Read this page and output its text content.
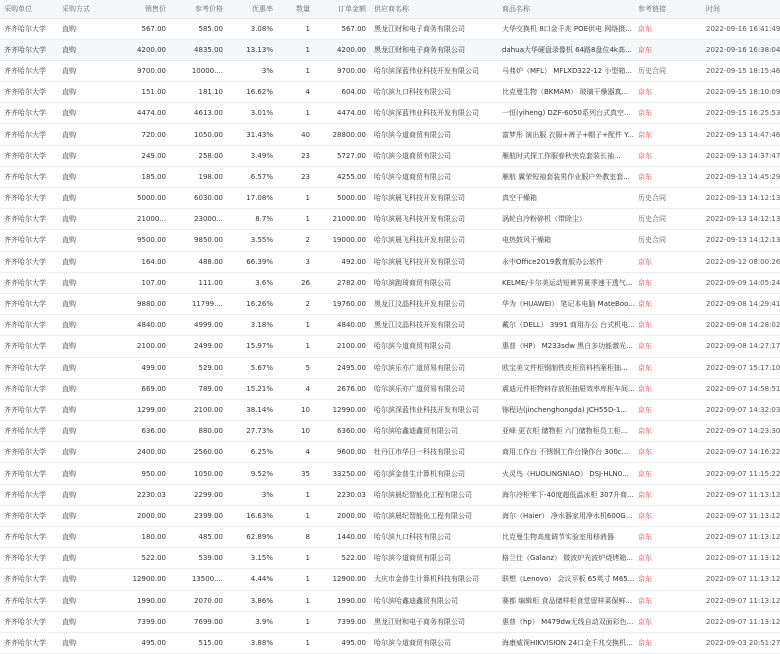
采购单位	采购方式	销售价	参考价格	优惠率	数量	订单金额	供应商名称	商品名称	参考链接	时间
齐齐哈尔大学	直购	567.00	585.00	3.08%	1	567.00	黑龙江财和电子商务有限公司	大华交换机 8口金千兆 POE供电 网络摄...	京东	2022-09-16 16:41:49
齐齐哈尔大学	直购	4200.00	4835.00	13.13%	1	4200.00	黑龙江财和电子商务有限公司	dahua大华硬盘录像机 64路8盘位4k高...	京东	2022-09-16 16:38:04
齐齐哈尔大学	直购	9700.00	10000....	3%	1	9700.00	哈尔滨深蓝伟业科技开发有限公司	马弗炉（MFL） MFLXD322-12 小型箱...	历史合同	2022-09-15 18:15:46
齐齐哈尔大学	直购	151.00	181.10	16.62%	4	604.00	哈尔滨九口科技有限公司	比克曼生物（BKMAM） 玻璃干燥器真...	京东	2022-09-15 18:10:09
齐齐哈尔大学	直购	4474.00	4613.00	3.01%	1	4474.00	哈尔滨深蓝伟业科技开发有限公司	一恒(yiheng) DZF-6050系列台式真空...	京东	2022-09-15 16:25:53
齐齐哈尔大学	直购	720.00	1050.00	31.43%	40	28800.00	哈尔滨今道商贸有限公司	富梦彤 演出服 衣服+裤子+帽子+配件 Y...	京东	2022-09-13 14:47:46
齐齐哈尔大学	直购	249.00	258.00	3.49%	23	5727.00	哈尔滨今道商贸有限公司	雁航时式探工作服春秋夹克套装长袖...	京东	2022-09-13 14:37:47
齐齐哈尔大学	直购	185.00	198.00	6.57%	23	4255.00	哈尔滨今道商贸有限公司	雁航 翼荣短袖套装男作业服户外教室套...	京东	2022-09-13 14:45:29
齐齐哈尔大学	直购	5000.00	6030.00	17.08%	1	5000.00	哈尔滨晨飞科技开发有限公司	真空干燥箱	历史合同	2022-09-13 14:12:13
齐齐哈尔大学	直购	21000...	23000...	8.7%	1	21000.00	哈尔滨晨飞科技开发有限公司	涡轮自冷粉碎机（带除尘）	历史合同	2022-09-13 14:12:13
齐齐哈尔大学	直购	9500.00	9850.00	3.55%	2	19000.00	哈尔滨晨飞科技开发有限公司	电热鼓风干燥箱	历史合同	2022-09-13 14:12:13
齐齐哈尔大学	直购	164.00	488.00	66.39%	3	492.00	哈尔滨晨飞科技开发有限公司	永中Office2019教育版办公软件	京东	2022-09-12 08:00:26
齐齐哈尔大学	直购	107.00	111.00	3.6%	26	2782.00	哈尔滨跑琦商贸有限公司	KELME/卡尔美运动短裤男夏季速干透气...	京东	2022-09-09 14:05:24
齐齐哈尔大学	直购	9880.00	11799....	16.26%	2	19760.00	黑龙江汶晶科技开发有限公司	华为（HUAWEI） 笔记本电脑 MateBoo...	京东	2022-09-08 14:29:41
齐齐哈尔大学	直购	4840.00	4999.00	3.18%	1	4840.00	黑龙江汶晶科技开发有限公司	戴尔（DELL） 3991 商用办公 台式机电...	京东	2022-09-08 14:28:02
齐齐哈尔大学	直购	2100.00	2499.00	15.97%	1	2100.00	哈尔滨今道商贸有限公司	惠普（HP） M233sdw 黑白多功能激光...	京东	2022-09-08 14:27:17
齐齐哈尔大学	直购	499.00	529.00	5.67%	5	2495.00	哈尔滨乐亦广道贸易有限公司	欧宝美文件柜钢制铁皮柜资料档案柜抽...	京东	2022-09-07 15:17:10
齐齐哈尔大学	直购	669.00	789.00	15.21%	4	2676.00	哈尔滨乐亦广道贸易有限公司	震迪元件柜物料存放柜抽屉效率库柜车间...	京东	2022-09-07 14:58:51
齐齐哈尔大学	直购	1299.00	2100.00	38.14%	10	12990.00	哈尔滨深蓝伟业科技开发有限公司	锦程达(jinchenghongda) JCH55D-1...	京东	2022-09-07 14:32:03
齐齐哈尔大学	直购	636.00	880.00	27.73%	10	6360.00	哈尔滨哈鑫迪鑫贸有限公司	亚峰 更衣柜 储物柜 六门储物柜员工柜...	京东	2022-09-07 14:23:30
齐齐哈尔大学	直购	2400.00	2560.00	6.25%	4	9600.00	牡丹江市华日一科技有限公司	商用工作台 不锈钢工作台操作台 300c...	京东	2022-09-07 14:16:22
齐齐哈尔大学	直购	950.00	1050.00	9.52%	35	33250.00	哈尔滨金普生计算机有限公司	火灵鸟（HUOLINGNIAO） DSJ-HLN0...	京东	2022-09-07 11:15:22
齐齐哈尔大学	直购	2230.03	2299.00	3%	1	2230.03	哈尔滨晨纪智能化工程有限公司	海尔冷柜零下-40度超低温冰柜 307升商...	京东	2022-09-07 11:13:12
齐齐哈尔大学	直购	2000.00	2399.00	16.63%	1	2000.00	哈尔滨晨纪智能化工程有限公司	海尔（Haier） 净水器家用净水机600G...	京东	2022-09-07 11:13:12
齐齐哈尔大学	直购	180.00	485.00	62.89%	8	1440.00	哈尔滨九口科技有限公司	比克曼生物高度调节实验室用移液器	京东	2022-09-07 11:13:12
齐齐哈尔大学	直购	522.00	539.00	3.15%	1	522.00	哈尔滨今道商贸有限公司	格兰仕（Galanz） 微波炉光波炉烧烤箱...	京东	2022-09-07 11:13:12
齐齐哈尔大学	直购	12900.00	13500....	4.44%	1	12900.00	大庆市金普生计算机科技有限公司	联想（Lenovo） 会议平板 65英寸 M65...	京东	2022-09-07 11:13:12
齐齐哈尔大学	直购	1990.00	2070.00	3.86%	1	1990.00	哈尔滨哈鑫迪鑫贸有限公司	赛都 编辑柜 食品储样柜食堂留样菜保鲜...	京东	2022-09-07 11:13:12
齐齐哈尔大学	直购	7399.00	7699.00	3.9%	1	7399.00	黑龙江财和电子商务有限公司	惠普（hp） M479dw无线自动双面彩色...	京东	2022-09-07 11:13:12
齐齐哈尔大学	直购	495.00	515.00	3.88%	1	495.00	哈尔滨今道商贸有限公司	海康威视HIKVISION 24口金千兆交换机...	京东	2022-09-03 20:51:27
